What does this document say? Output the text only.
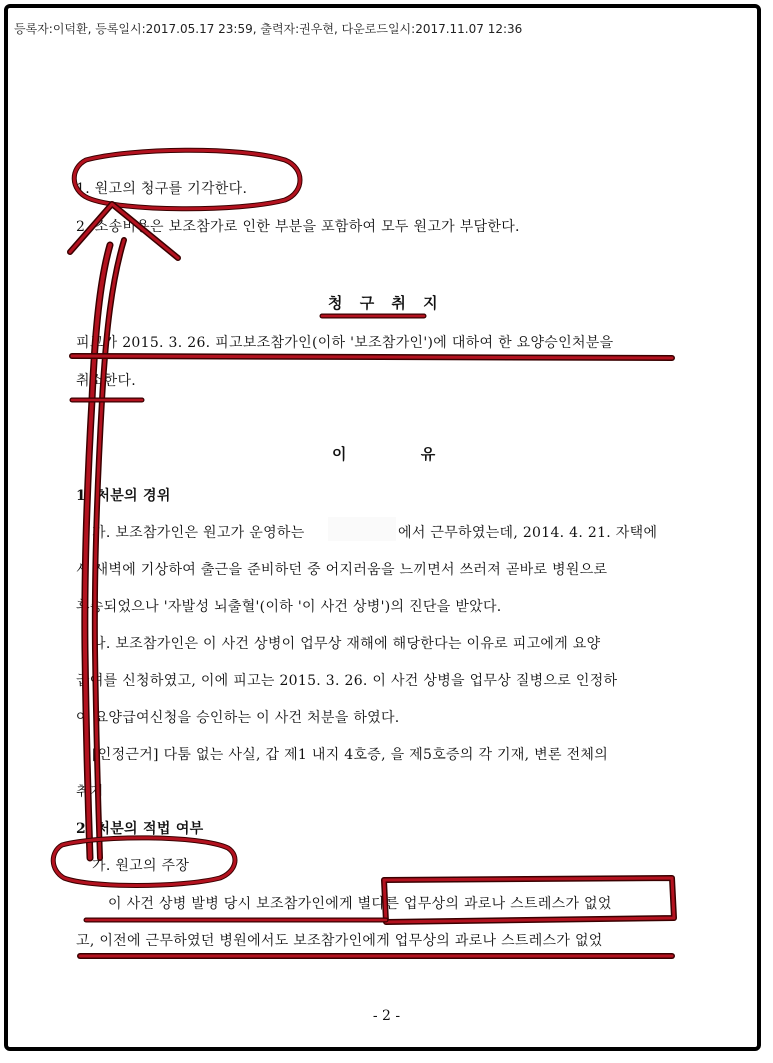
등록자:이덕환, 등록일시:2017.05.17 23:59, 출력자:권우현, 다운로드일시:2017.11.07 12:36
1. 원고의 청구를 기각한다.
2. 소송비용은 보조참가로 인한 부분을 포함하여 모두 원고가 부담한다.
청 구 취 지
피고가 2015. 3. 26. 피고보조참가인(이하 '보조참가인')에 대하여 한 요양승인처분을
취소한다.
이          유
1. 처분의 경위
가. 보조참가인은 원고가 운영하는	에서 근무하였는데, 2014. 4. 21. 자택에
서 새벽에 기상하여 출근을 준비하던 중 어지러움을 느끼면서 쓰러져 곧바로 병원으로
후송되었으나 '자발성 뇌출혈'(이하 '이 사건 상병')의 진단을 받았다.
나. 보조참가인은 이 사건 상병이 업무상 재해에 해당한다는 이유로 피고에게 요양
급여를 신청하였고, 이에 피고는 2015. 3. 26. 이 사건 상병을 업무상 질병으로 인정하
여 요양급여신청을 승인하는 이 사건 처분을 하였다.
[인정근거] 다툼 없는 사실, 갑 제1 내지 4호증, 을 제5호증의 각 기재, 변론 전체의
취지
2. 처분의 적법 여부
가. 원고의 주장
이 사건 상병 발병 당시 보조참가인에게 별다른 업무상의 과로나 스트레스가 없었
고, 이전에 근무하였던 병원에서도 보조참가인에게 업무상의 과로나 스트레스가 없었
- 2 -
